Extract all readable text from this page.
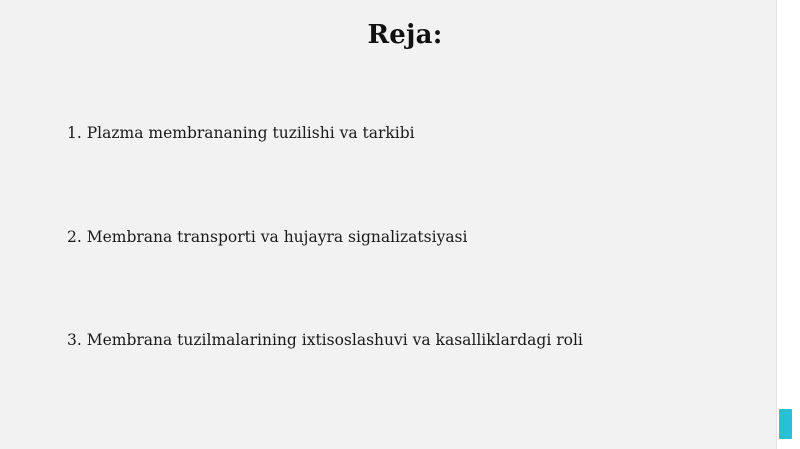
Reja:
1. Plazma membrananing tuzilishi va tarkibi
2. Membrana transporti va hujayra signalizatsiyasi
3. Membrana tuzilmalarining ixtisoslashuvi va kasalliklardagi roli
